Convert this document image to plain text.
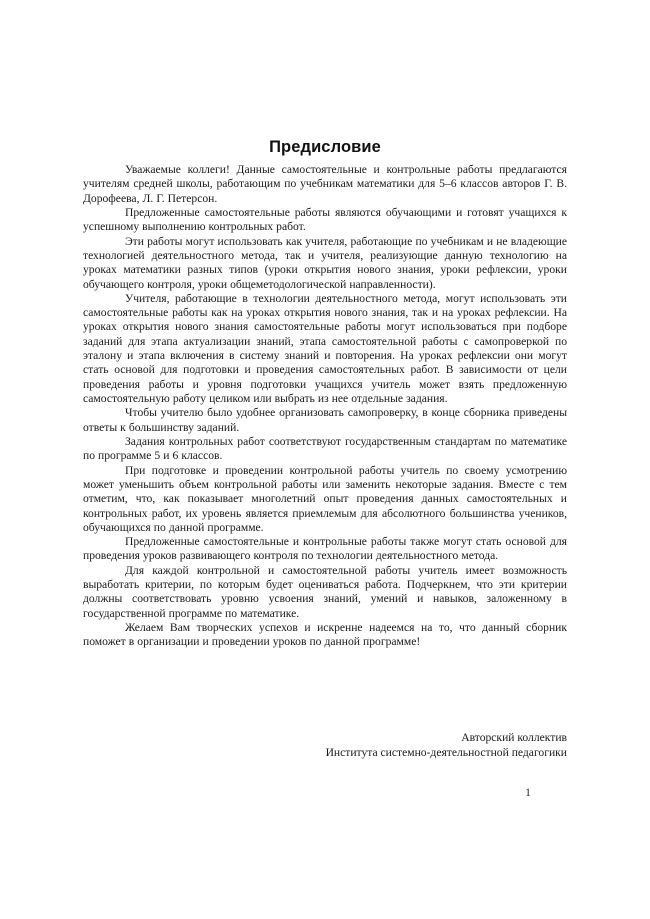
Предисловие

Уважаемые коллеги! Данные самостоятельные и контрольные работы предлагаются учителям средней школы, работающим по учебникам математики для 5–6 классов авторов Г. В. Дорофеева, Л. Г. Петерсон.

Предложенные самостоятельные работы являются обучающими и готовят учащихся к успешному выполнению контрольных работ.

Эти работы могут использовать как учителя, работающие по учебникам и не владеющие технологией деятельностного метода, так и учителя, реализующие данную технологию на уроках математики разных типов (уроки открытия нового знания, уроки рефлексии, уроки обучающего контроля, уроки общеметодологической направленности).

Учителя, работающие в технологии деятельностного метода, могут использовать эти самостоятельные работы как на уроках открытия нового знания, так и на уроках рефлексии. На уроках открытия нового знания самостоятельные работы могут использоваться при подборе заданий для этапа актуализации знаний, этапа самостоятельной работы с самопроверкой по эталону и этапа включения в систему знаний и повторения. На уроках рефлексии они могут стать основой для подготовки и проведения самостоятельных работ. В зависимости от цели проведения работы и уровня подготовки учащихся учитель может взять предложенную самостоятельную работу целиком или выбрать из нее отдельные задания.

Чтобы учителю было удобнее организовать самопроверку, в конце сборника приведены ответы к большинству заданий.

Задания контрольных работ соответствуют государственным стандартам по математике по программе 5 и 6 классов.

При подготовке и проведении контрольной работы учитель по своему усмотрению может уменьшить объем контрольной работы или заменить некоторые задания. Вместе с тем отметим, что, как показывает многолетний опыт проведения данных самостоятельных и контрольных работ, их уровень является приемлемым для абсолютного большинства учеников, обучающихся по данной программе.

Предложенные самостоятельные и контрольные работы также могут стать основой для проведения уроков развивающего контроля по технологии деятельностного метода.

Для каждой контрольной и самостоятельной работы учитель имеет возможность выработать критерии, по которым будет оцениваться работа. Подчеркнем, что эти критерии должны соответствовать уровню усвоения знаний, умений и навыков, заложенному в государственной программе по математике.

Желаем Вам творческих успехов и искренне надеемся на то, что данный сборник поможет в организации и проведении уроков по данной программе!

Авторский коллектив
Института системно-деятельностной педагогики
1
